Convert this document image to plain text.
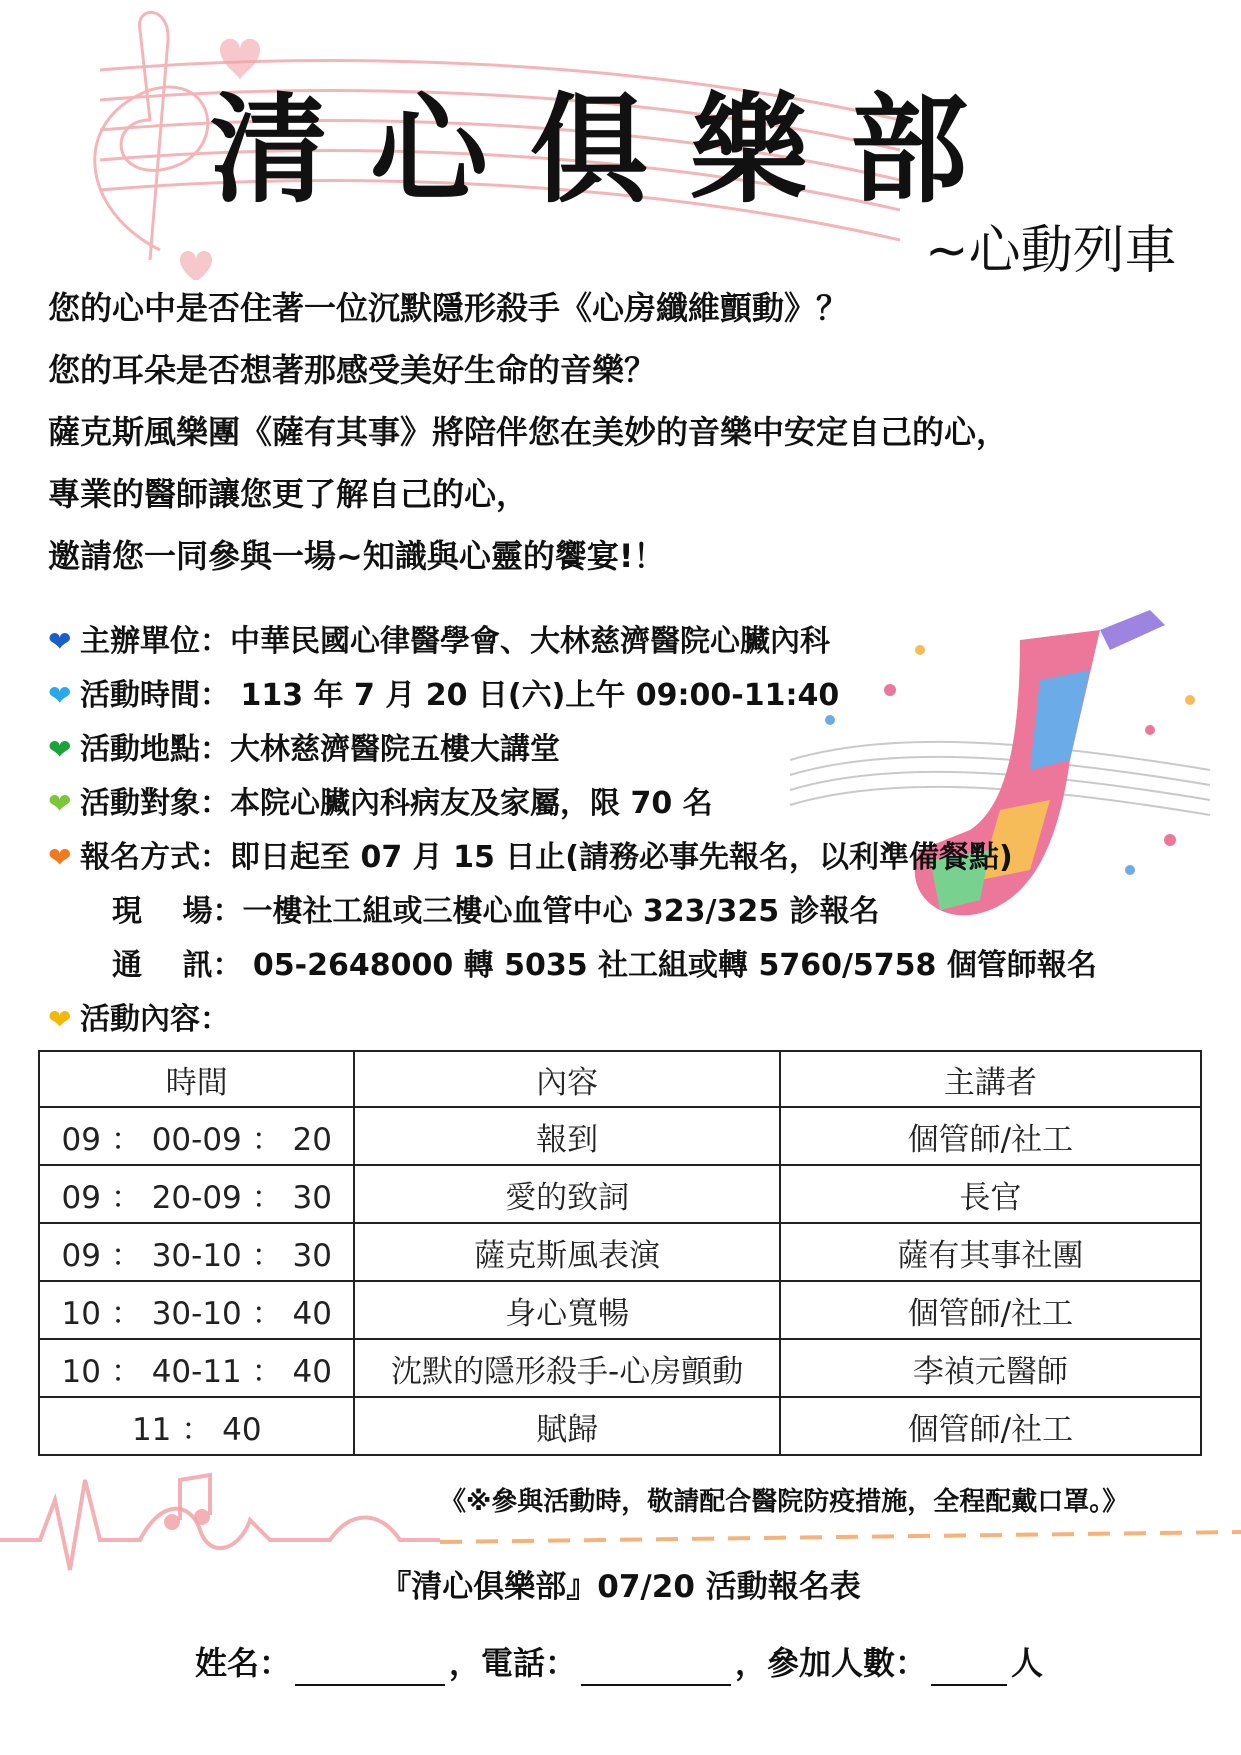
清心俱樂部
~心動列車
您的心中是否住著一位沉默隱形殺手《心房纖維顫動》？
您的耳朵是否想著那感受美好生命的音樂？
薩克斯風樂團《薩有其事》將陪伴您在美妙的音樂中安定自己的心，
專業的醫師讓您更了解自己的心，
邀請您一同參與一場~知識與心靈的饗宴!！
❤ 主辦單位：中華民國心律醫學會、大林慈濟醫院心臟內科
❤ 活動時間： 113 年 7 月 20 日(六)上午 09:00-11:40
❤ 活動地點：大林慈濟醫院五樓大講堂
❤ 活動對象：本院心臟內科病友及家屬，限 70 名
❤ 報名方式：即日起至 07 月 15 日止(請務必事先報名，以利準備餐點)
現　 場：一樓社工組或三樓心血管中心 323/325 診報名
通　 訊： 05-2648000 轉 5035 社工組或轉 5760/5758 個管師報名
❤ 活動內容：
時間	內容	主講者
09 ： 00-09 ： 20	報到	個管師/社工
09 ： 20-09 ： 30	愛的致詞	長官
09 ： 30-10 ： 30	薩克斯風表演	薩有其事社團
10 ： 30-10 ： 40	身心寬暢	個管師/社工
10 ： 40-11 ： 40	沈默的隱形殺手-心房顫動	李禎元醫師
11 ： 40	賦歸	個管師/社工
《※參與活動時，敬請配合醫院防疫措施，全程配戴口罩。》
『清心俱樂部』07/20 活動報名表
姓名：	，電話：	，參加人數：	人
